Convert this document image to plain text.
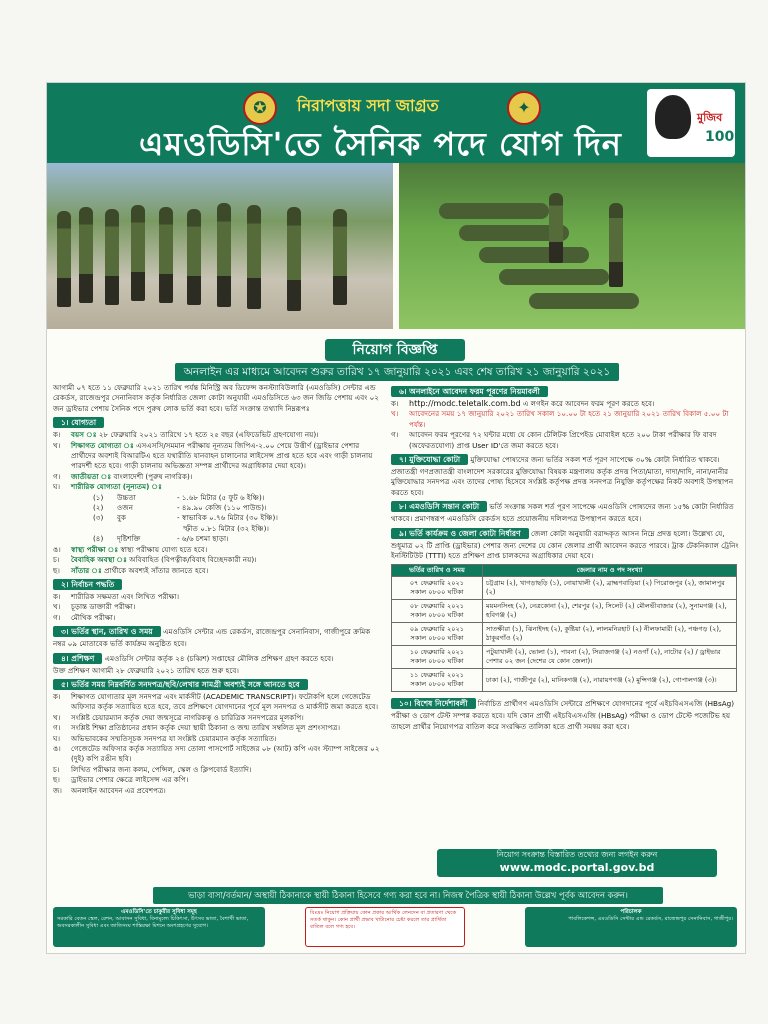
✪	✦
নিরাপত্তায় সদা জাগ্রত
এমওডিসি'তে সৈনিক পদে যোগ দিন
মুজিব
100
নিয়োগ বিজ্ঞপ্তি
অনলাইন এর মাধ্যমে আবেদন শুরুর তারিখ ১৭ জানুয়ারি ২০২১ এবং শেষ তারিখ ২১ জানুয়ারি ২০২১

আগামী ০৭ হতে ১১ ফেব্রুয়ারি ২০২১ তারিখ পর্যন্ত মিনিস্ট্রি অব ডিফেন্স কনস্ট্যাবিউলারি (এমওডিসি) সেন্টার এন্ড রেকর্ডস, রাজেন্দ্রপুর সেনানিবাস কর্তৃক নির্ধারিত জেলা কোটা অনুযায়ী এমওডিসিতে ৬৩ জন জিডি পেশায় এবং ০২ জন ড্রাইভার পেশায় সৈনিক পদে পুরুষ লোক ভর্তি করা হবে। ভর্তি সংক্রান্ত তথ্যাদি নিম্নরূপঃ

১। যোগ্যতা
ক।	বয়স ঃ ২৮ ফেব্রুয়ারি ২০২১ তারিখে ১৭ হতে ২৫ বছর (এফিডেভিট গ্রহণযোগ্য নয়)।
খ।	শিক্ষাগত যোগ্যতা ঃ এসএসসি/সমমান পরীক্ষায় নূন্যতম জিপিএ-২.০০ পেয়ে উত্তীর্ণ (ড্রাইভার পেশার প্রার্থীদের অবশ্যই বিআরটিএ হতে যথারীতি যানবাহন চালানোর লাইসেন্স প্রাপ্ত হতে হবে এবং গাড়ী চালনায় পারদর্শী হতে হবে। গাড়ী চালনায় অভিজ্ঞতা সম্পন্ন প্রার্থীদের অগ্রাধিকার দেয়া হবে)।
গ।	জাতীয়তা ঃ বাংলাদেশী (পুরুষ নাগরিক)।
ঘ।	শারীরিক যোগ্যতা (নূন্যতম) ঃ
(১)	উচ্চতা	- ১.৬৮ মিটার (৫ ফুট ৬ ইঞ্চি)।
(২)	ওজন	- ৪৯.৯০ কেজি (১১০ পাউন্ড)।
(৩)	বুক	- স্বাভাবিক ০.৭৬ মিটার (৩০ ইঞ্চি)।
স্ফীত ০.৮১ মিটার (৩২ ইঞ্চি)।
(৪)	দৃষ্টিশক্তি	- ৬/৬ চশমা ছাড়া।
ঙ।	স্বাস্থ্য পরীক্ষা ঃ স্বাস্থ্য পরীক্ষায় যোগ্য হতে হবে।
চ।	বৈবাহিক অবস্থা ঃ অবিবাহিত (বিপত্নীক/বিবাহ বিচ্ছেদকারী নয়)।
ছ।	সাঁতার ঃ প্রার্থীকে অবশ্যই সাঁতার জানতে হবে।
২। নির্বাচন পদ্ধতি
ক।	শারীরিক সক্ষমতা এবং লিখিত পরীক্ষা।
খ।	চূড়ান্ত ডাক্তারী পরীক্ষা।
গ।	মৌখিক পরীক্ষা।
৩। ভর্তির স্থান, তারিখ ও সময় এমওডিসি সেন্টার এন্ড রেকর্ডস, রাজেন্দ্রপুর সেনানিবাস, গাজীপুরে ক্রমিক নম্বর ০৯ মোতাবেক ভর্তি কার্যক্রম অনুষ্ঠিত হবে।
৪। প্রশিক্ষণ এমওডিসি সেন্টার কর্তৃক ২৪ (চব্বিশ) সপ্তাহের মৌলিক প্রশিক্ষণ গ্রহণ করতে হবে।

উক্ত প্রশিক্ষণ আগামী ২৮ ফেব্রুয়ারি ২০২১ তারিখ হতে শুরু হবে।

৫। ভর্তির সময় নিম্নবর্ণিত সনদপত্র/ছবি/লেখার সামগ্রী অবশ্যই সঙ্গে আনতে হবে
ক।	শিক্ষাগত যোগ্যতার মূল সনদপত্র এবং মার্কসীট (ACADEMIC TRANSCRIPT)। ফটোকপি হলে গেজেটেড অফিসার কর্তৃক সত্যায়িত হতে হবে, তবে প্রশিক্ষণে যোগদানের পূর্বে মূল সনদপত্র ও মার্কসীট জমা করতে হবে।
খ।	সংশ্লিষ্ট চেয়ারম্যান কর্তৃক দেয়া জন্মসূত্রে নাগরিকত্ব ও চারিত্রিক সনদপত্রের মূলকপি।
গ।	সংশ্লিষ্ট শিক্ষা প্রতিষ্ঠানের প্রধান কর্তৃক দেয়া স্থায়ী ঠিকানা ও জন্ম তারিখ সম্বলিত মূল প্রশংসাপত্র।
ঘ।	অভিভাবকের সম্মতিসূচক সনদপত্র যা সংশ্লিষ্ট চেয়ারম্যান কর্তৃক সত্যায়িত।
ঙ।	গেজেটেড অফিসার কর্তৃক সত্যায়িত সদ্য তোলা পাসপোর্ট সাইজের ০৮ (আট) কপি এবং স্ট্যাম্প সাইজের ০২ (দুই) কপি রঙীন ছবি।
চ।	লিখিত পরীক্ষার জন্য কলম, পেন্সিল, স্কেল ও ক্লিপবোর্ড ইত্যাদি।
ছ।	ড্রাইভার পেশার ক্ষেত্রে লাইসেন্স এর কপি।
জ।	অনলাইন আবেদন এর প্রবেশপত্র।
৬। অনলাইনে আবেদন ফরম পূরণের নিয়মাবলী
ক।	http://modc.teletalk.com.bd এ লগইন করে আবেদন ফরম পূরণ করতে হবে।
খ।	আবেদনের সময় ১৭ জানুয়ারি ২০২১ তারিখ সকাল ১০.০০ টা হতে ২১ জানুয়ারি ২০২১ তারিখ বিকাল ৫.০০ টা পর্যন্ত।
গ।	আবেদন ফরম পূরণের ৭২ ঘন্টার মধ্যে যে কোন টেলিটক প্রিপেইড মোবাইল হতে ২০০ টাকা পরীক্ষার ফি বাবদ (অফেরতযোগ্য) প্রাপ্ত User ID'তে জমা করতে হবে।
৭। মুক্তিযোদ্ধা কোটা মুক্তিযোদ্ধা পোষ্যদের জন্য ভর্তির সকল শর্ত পূরণ সাপেক্ষে ৩০% কোটা নির্ধারিত থাকবে। প্রজাতন্ত্রী গণপ্রজাতন্ত্রী বাংলাদেশ সরকারের মুক্তিযোদ্ধা বিষয়ক মন্ত্রণালয় কর্তৃক প্রদত্ত পিতা/মাতা, দাদা/দাদি, নানা/নানীর মুক্তিযোদ্ধার সনদপত্র এবং তাদের পোষ্য হিসেবে সংশ্লিষ্ট কর্তৃপক্ষ প্রদত্ত সনদপত্র নিযুক্তি কর্তৃপক্ষের নিকট অবশ্যই উপস্থাপন করতে হবে।
৮। এমওডিসি সন্তান কোটা ভর্তি সংক্রান্ত সকল শর্ত পূরণ সাপেক্ষে এমওডিসি পোষ্যদের জন্য ১৫% কোটা নির্ধারিত থাকবে। প্রমাণস্বরূপ এমওডিসি রেকর্ডস হতে প্রয়োজনীয় দলিলপত্র উপস্থাপন করতে হবে।
৯। ভর্তি কার্যক্রম ও জেলা কোটা নির্ধারণ জেলা কোটা অনুযায়ী বরাদ্দকৃত আসন নিম্নে প্রদত্ত হলো। উল্লেখ্য যে, শুধুমাত্র ০২ টি প্রাপ্তি (ড্রাইভার) পেশার জন্য দেশের যে কোন জেলার প্রার্থী আবেদন করতে পারবে। ট্রাক টেকনিক্যাল ট্রেনিং ইনস্টিটিউট (TTTI) হতে প্রশিক্ষণ প্রাপ্ত চালকদের অগ্রাধিকার দেয়া হবে।
ভর্তির তারিখ ও সময়	জেলার নাম ও পদ সংখ্যা

০৭ ফেব্রুয়ারি ২০২১
সকাল ০৮০০ ঘটিকা	চট্টগ্রাম (২), খাগড়াছড়ি (১), নোয়াখালী (২), ব্রাহ্মণবাড়িয়া (২) পিরোজপুর (২), জামালপুর (২)

০৮ ফেব্রুয়ারি ২০২১
সকাল ০৮০০ ঘটিকা	ময়মনসিংহ (২), নেত্রকোনা (২), শেরপুর (২), সিলেট (২) মৌলভীবাজার (২), সুনামগঞ্জ (২), হবিগঞ্জ (২)

০৯ ফেব্রুয়ারি ২০২১
সকাল ০৮০০ ঘটিকা	সাতক্ষীরা (১), ঝিনাইদহ (২), কুষ্টিয়া (২), লালমনিরহাট (২) নীলফামারী (২), পঞ্চগড় (২), ঠাকুরগাঁও (২)

১০ ফেব্রুয়ারি ২০২১
সকাল ০৮০০ ঘটিকা	পটুয়াখালী (২), ভোলা (১), পাবনা (২), সিরাজগঞ্জ (২) নওগাঁ (২), নাটোর (২) / ড্রাইভার পেশার ০২ জন (দেশের যে কোন জেলা)।

১১ ফেব্রুয়ারি ২০২১
সকাল ০৮০০ ঘটিকা	ঢাকা (২), গাজীপুর (২), মানিকগঞ্জ (২), নারায়ণগঞ্জ (২) মুন্সিগঞ্জ (২), গোপালগঞ্জ (৩)।
১০। বিশেষ নির্দেশাবলী নির্বাচিত প্রার্থীগণ এমওডিসি সেন্টারে প্রশিক্ষণে যোগদানের পূর্বে এইচবিএসএজি (HBsAg) পরীক্ষা ও ডোপ টেস্ট সম্পন্ন করতে হবে। যদি কোন প্রার্থী এইচবিএসএজি (HBsAg) পরীক্ষা ও ডোপ টেস্টে পজেটিভ হয় তাহলে প্রার্থীর নিয়োগপত্র বাতিল করে সংরক্ষিত তালিকা হতে প্রার্থী সমন্বয় করা হবে।
নিয়োগ সংক্রান্ত বিস্তারিত তথ্যের জন্য লগইন করুন
www.modc.portal.gov.bd
ভাড়া বাসা/বর্তমান/ অস্থায়ী ঠিকানাকে স্থায়ী ঠিকানা হিসেবে গণ্য করা হবে না। নিজস্ব পৈত্রিক স্থায়ী ঠিকানা উল্লেখ পূর্বক আবেদন করুন।
এমওডিসি'তে চাকুরীর সুবিধা সমূহ
সরকারি বেতন স্কেল, রেশন, আবাসন সুবিধা, বিনামূল্যে চিকিৎসা, উৎসব ভাতা, বৈশাখী ভাতা, অবসরকালীন সুবিধা এবং জাতিসংঘ শান্তিরক্ষা মিশনে অংশগ্রহণের সুযোগ।
বিঃদ্রঃ নিয়োগ প্রক্রিয়ায় কোন প্রকার আর্থিক লেনদেন বা প্রতারণা থেকে সতর্ক থাকুন। কোন প্রার্থী প্রভাব খাটানোর চেষ্টা করলে তার প্রার্থিতা বাতিল বলে গণ্য হবে।
পরিচালক
পাবলিকেশন্স, এমওডিসি সেন্টার এন্ড রেকর্ডস, রাজেন্দ্রপুর সেনানিবাস, গাজীপুর।
